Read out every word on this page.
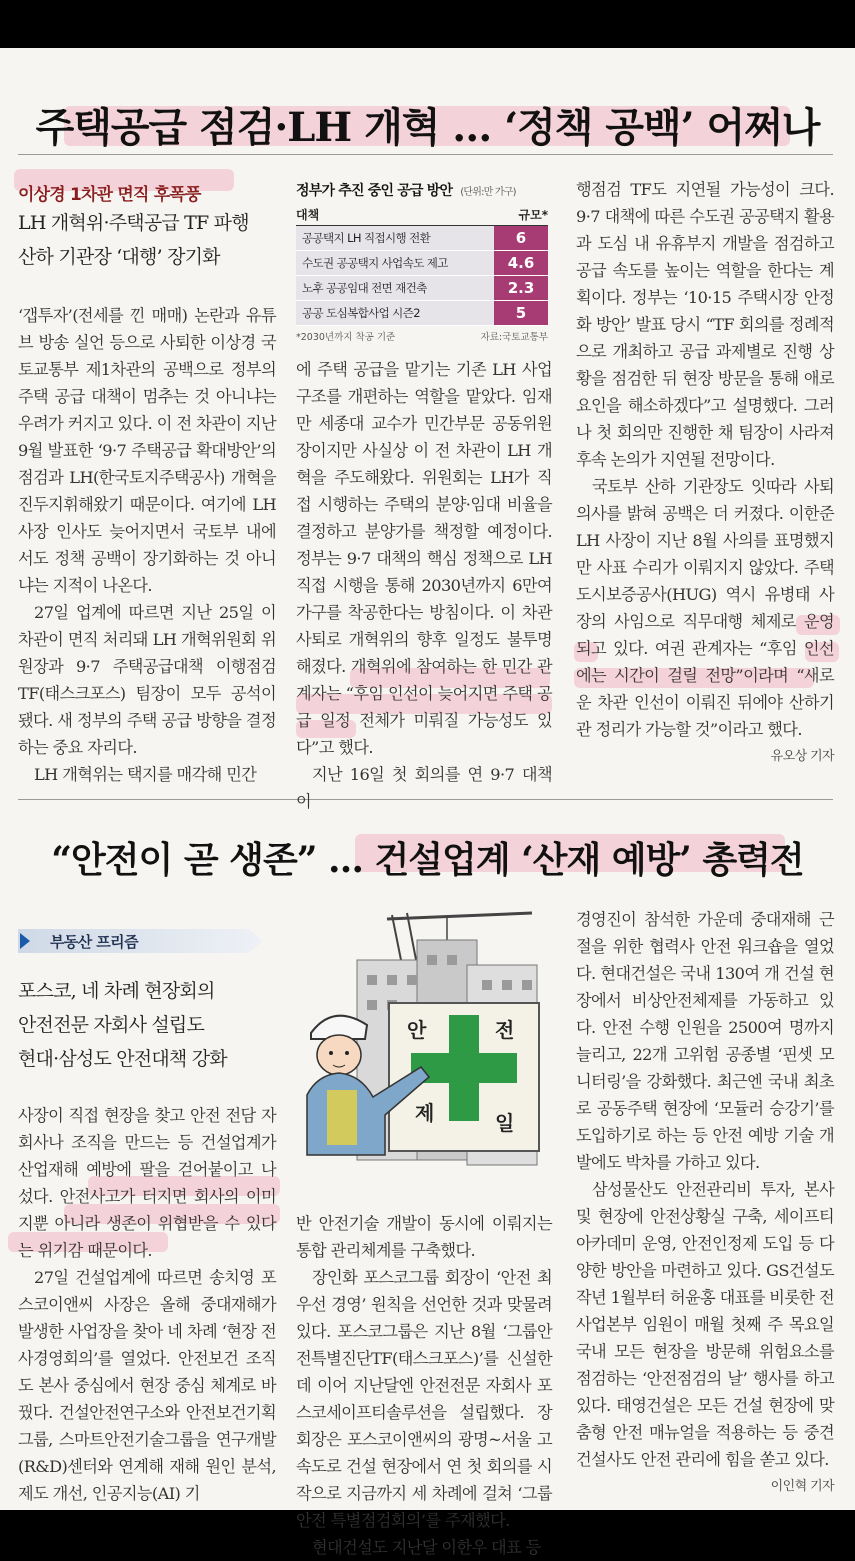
주택공급 점검·LH 개혁 … ‘정책 공백’ 어쩌나
이상경 1차관 면직 후폭풍
LH 개혁위·주택공급 TF 파행
산하 기관장 ‘대행’ 장기화

‘갭투자’(전세를 낀 매매) 논란과 유튜브 방송 실언 등으로 사퇴한 이상경 국토교통부 제1차관의 공백으로 정부의 주택 공급 대책이 멈추는 것 아니냐는 우려가 커지고 있다. 이 전 차관이 지난 9월 발표한 ‘9·7 주택공급 확대방안’의 점검과 LH(한국토지주택공사) 개혁을 진두지휘해왔기 때문이다. 여기에 LH 사장 인사도 늦어지면서 국토부 내에서도 정책 공백이 장기화하는 것 아니냐는 지적이 나온다.

27일 업계에 따르면 지난 25일 이 차관이 면직 처리돼 LH 개혁위원회 위원장과 9·7 주택공급대책 이행점검 TF(태스크포스) 팀장이 모두 공석이 됐다. 새 정부의 주택 공급 방향을 결정하는 중요 자리다.

LH 개혁위는 택지를 매각해 민간

정부가 추진 중인 공급 방안 (단위:만 가구)
대책	규모*
공공택지 LH 직접시행 전환	6
수도권 공공택지 사업속도 제고	4.6
노후 공공임대 전면 재건축	2.3
공공 도심복합사업 시즌2	5
*2030년까지 착공 기준	자료:국토교통부

에 주택 공급을 맡기는 기존 LH 사업 구조를 개편하는 역할을 맡았다. 임재만 세종대 교수가 민간부문 공동위원장이지만 사실상 이 전 차관이 LH 개혁을 주도해왔다. 위원회는 LH가 직접 시행하는 주택의 분양·임대 비율을 결정하고 분양가를 책정할 예정이다. 정부는 9·7 대책의 핵심 정책으로 LH 직접 시행을 통해 2030년까지 6만여 가구를 착공한다는 방침이다. 이 차관 사퇴로 개혁위의 향후 일정도 불투명해졌다. 개혁위에 참여하는 한 민간 관계자는 “후임 인선이 늦어지면 주택 공급 일정 전체가 미뤄질 가능성도 있다”고 했다.

지난 16일 첫 회의를 연 9·7 대책 이

행점검 TF도 지연될 가능성이 크다. 9·7 대책에 따른 수도권 공공택지 활용과 도심 내 유휴부지 개발을 점검하고 공급 속도를 높이는 역할을 한다는 계획이다. 정부는 ‘10·15 주택시장 안정화 방안’ 발표 당시 “TF 회의를 정례적으로 개최하고 공급 과제별로 진행 상황을 점검한 뒤 현장 방문을 통해 애로 요인을 해소하겠다”고 설명했다. 그러나 첫 회의만 진행한 채 팀장이 사라져 후속 논의가 지연될 전망이다.

국토부 산하 기관장도 잇따라 사퇴 의사를 밝혀 공백은 더 커졌다. 이한준 LH 사장이 지난 8월 사의를 표명했지만 사표 수리가 이뤄지지 않았다. 주택도시보증공사(HUG) 역시 유병태 사장의 사임으로 직무대행 체제로 운영되고 있다. 여권 관계자는 “후임 인선에는 시간이 걸릴 전망”이라며 “새로운 차관 인선이 이뤄진 뒤에야 산하기관 정리가 가능할 것”이라고 했다.

유오상 기자
“안전이 곧 생존” … 건설업계 ‘산재 예방’ 총력전
부동산 프리즘
포스코, 네 차례 현장회의
안전전문 자회사 설립도
현대·삼성도 안전대책 강화

사장이 직접 현장을 찾고 안전 전담 자회사나 조직을 만드는 등 건설업계가 산업재해 예방에 팔을 걷어붙이고 나섰다. 안전사고가 터지면 회사의 이미지뿐 아니라 생존이 위협받을 수 있다는 위기감 때문이다.

27일 건설업계에 따르면 송치영 포스코이앤씨 사장은 올해 중대재해가 발생한 사업장을 찾아 네 차례 ‘현장 전사경영회의’를 열었다. 안전보건 조직도 본사 중심에서 현장 중심 체계로 바꿨다. 건설안전연구소와 안전보건기획그룹, 스마트안전기술그룹을 연구개발(R&D)센터와 연계해 재해 원인 분석, 제도 개선, 인공지능(AI) 기

안	전
제	일

반 안전기술 개발이 동시에 이뤄지는 통합 관리체계를 구축했다.

장인화 포스코그룹 회장이 ‘안전 최우선 경영’ 원칙을 선언한 것과 맞물려 있다. 포스코그룹은 지난 8월 ‘그룹안전특별진단TF(태스크포스)’를 신설한 데 이어 지난달엔 안전전문 자회사 포스코세이프티솔루션을 설립했다. 장 회장은 포스코이앤씨의 광명~서울 고속도로 건설 현장에서 연 첫 회의를 시작으로 지금까지 세 차례에 걸쳐 ‘그룹 안전 특별점검회의’를 주재했다.

현대건설도 지난달 이한우 대표 등

경영진이 참석한 가운데 중대재해 근절을 위한 협력사 안전 워크숍을 열었다. 현대건설은 국내 130여 개 건설 현장에서 비상안전체제를 가동하고 있다. 안전 수행 인원을 2500여 명까지 늘리고, 22개 고위험 공종별 ‘핀셋 모니터링’을 강화했다. 최근엔 국내 최초로 공동주택 현장에 ‘모듈러 승강기’를 도입하기로 하는 등 안전 예방 기술 개발에도 박차를 가하고 있다.

삼성물산도 안전관리비 투자, 본사 및 현장에 안전상황실 구축, 세이프티 아카데미 운영, 안전인정제 도입 등 다양한 방안을 마련하고 있다. GS건설도 작년 1월부터 허윤홍 대표를 비롯한 전 사업본부 임원이 매월 첫째 주 목요일 국내 모든 현장을 방문해 위험요소를 점검하는 ‘안전점검의 날’ 행사를 하고 있다. 태영건설은 모든 건설 현장에 맞춤형 안전 매뉴얼을 적용하는 등 중견 건설사도 안전 관리에 힘을 쏟고 있다.

이인혁 기자
